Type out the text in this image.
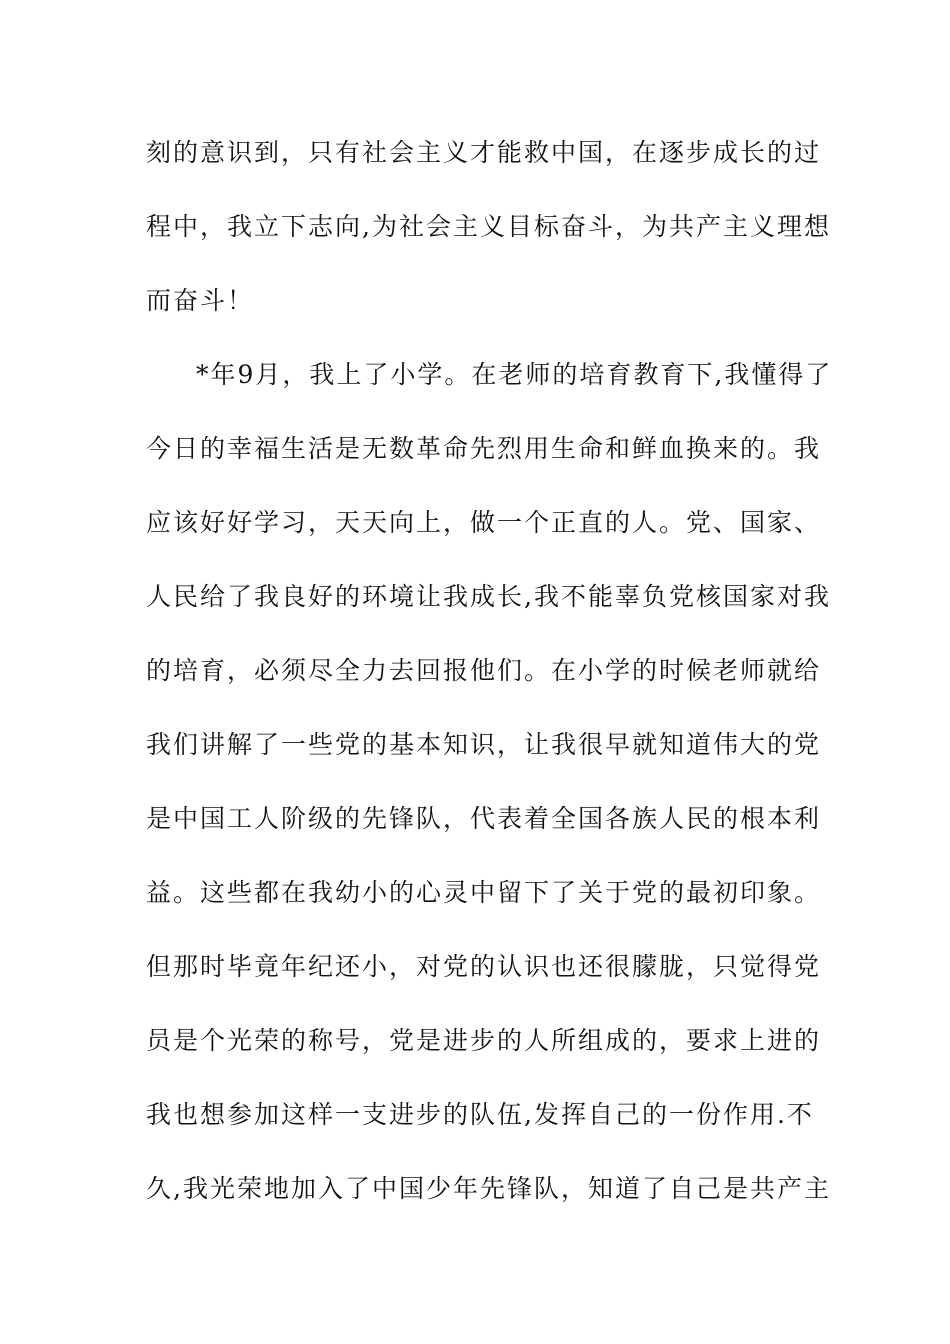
刻的意识到，只有社会主义才能救中国，在逐步成长的过
程中，我立下志向,为社会主义目标奋斗，为共产主义理想
而奋斗！
*年9月，我上了小学。在老师的培育教育下,我懂得了
今日的幸福生活是无数革命先烈用生命和鲜血换来的。我
应该好好学习，天天向上，做一个正直的人。党、国家、
人民给了我良好的环境让我成长,我不能辜负党核国家对我
的培育，必须尽全力去回报他们。在小学的时候老师就给
我们讲解了一些党的基本知识，让我很早就知道伟大的党
是中国工人阶级的先锋队，代表着全国各族人民的根本利
益。这些都在我幼小的心灵中留下了关于党的最初印象。
但那时毕竟年纪还小，对党的认识也还很朦胧，只觉得党
员是个光荣的称号，党是进步的人所组成的，要求上进的
我也想参加这样一支进步的队伍,发挥自己的一份作用.不
久,我光荣地加入了中国少年先锋队，知道了自己是共产主
